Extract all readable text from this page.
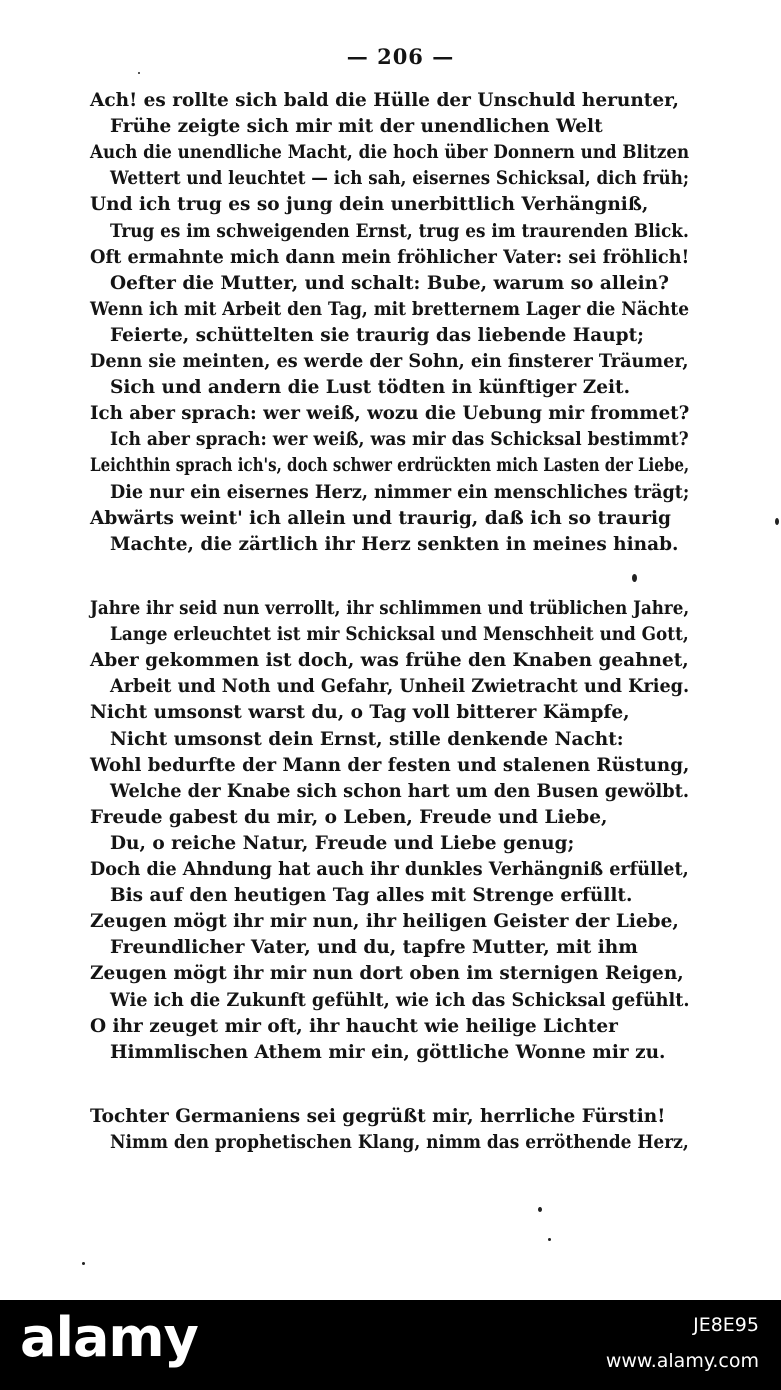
— 206 —
Ach! es rollte sich bald die Hülle der Unschuld herunter,
Frühe zeigte sich mir mit der unendlichen Welt
Auch die unendliche Macht, die hoch über Donnern und Blitzen
Wettert und leuchtet — ich sah, eisernes Schicksal, dich früh;
Und ich trug es so jung dein unerbittlich Verhängniß,
Trug es im schweigenden Ernst, trug es im traurenden Blick.
Oft ermahnte mich dann mein fröhlicher Vater: sei fröhlich!
Oefter die Mutter, und schalt: Bube, warum so allein?
Wenn ich mit Arbeit den Tag, mit bretternem Lager die Nächte
Feierte, schüttelten sie traurig das liebende Haupt;
Denn sie meinten, es werde der Sohn, ein finsterer Träumer,
Sich und andern die Lust tödten in künftiger Zeit.
Ich aber sprach: wer weiß, wozu die Uebung mir frommet?
Ich aber sprach: wer weiß, was mir das Schicksal bestimmt?
Leichthin sprach ich's, doch schwer erdrückten mich Lasten der Liebe,
Die nur ein eisernes Herz, nimmer ein menschliches trägt;
Abwärts weint' ich allein und traurig, daß ich so traurig
Machte, die zärtlich ihr Herz senkten in meines hinab.
Jahre ihr seid nun verrollt, ihr schlimmen und trüblichen Jahre,
Lange erleuchtet ist mir Schicksal und Menschheit und Gott,
Aber gekommen ist doch, was frühe den Knaben geahnet,
Arbeit und Noth und Gefahr, Unheil Zwietracht und Krieg.
Nicht umsonst warst du, o Tag voll bitterer Kämpfe,
Nicht umsonst dein Ernst, stille denkende Nacht:
Wohl bedurfte der Mann der festen und stalenen Rüstung,
Welche der Knabe sich schon hart um den Busen gewölbt.
Freude gabest du mir, o Leben, Freude und Liebe,
Du, o reiche Natur, Freude und Liebe genug;
Doch die Ahndung hat auch ihr dunkles Verhängniß erfüllet,
Bis auf den heutigen Tag alles mit Strenge erfüllt.
Zeugen mögt ihr mir nun, ihr heiligen Geister der Liebe,
Freundlicher Vater, und du, tapfre Mutter, mit ihm
Zeugen mögt ihr mir nun dort oben im sternigen Reigen,
Wie ich die Zukunft gefühlt, wie ich das Schicksal gefühlt.
O ihr zeuget mir oft, ihr haucht wie heilige Lichter
Himmlischen Athem mir ein, göttliche Wonne mir zu.
Tochter Germaniens sei gegrüßt mir, herrliche Fürstin!
Nimm den prophetischen Klang, nimm das erröthende Herz,
alamy	JE8E95
www.alamy.com
